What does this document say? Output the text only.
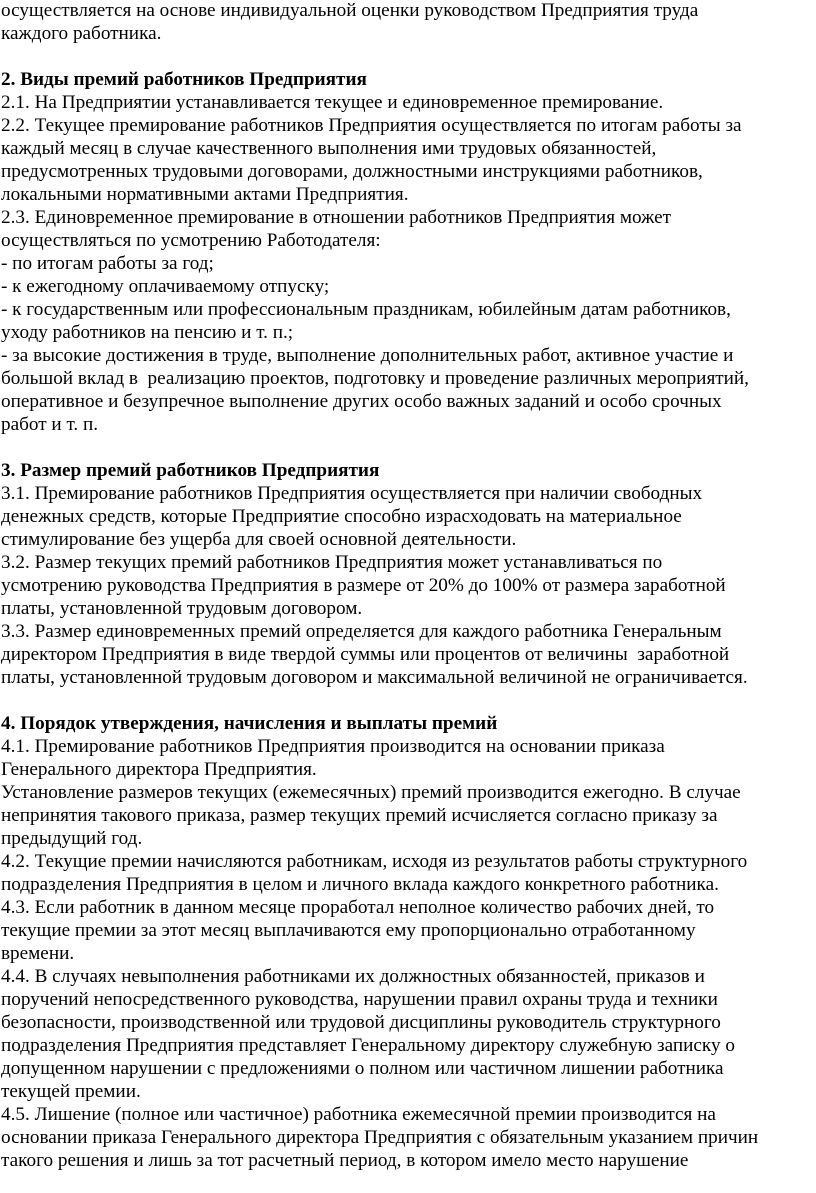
осуществляется на основе индивидуальной оценки руководством Предприятия труда
каждого работника.
2. Виды премий работников Предприятия
2.1. На Предприятии устанавливается текущее и единовременное премирование.
2.2. Текущее премирование работников Предприятия осуществляется по итогам работы за
каждый месяц в случае качественного выполнения ими трудовых обязанностей,
предусмотренных трудовыми договорами, должностными инструкциями работников,
локальными нормативными актами Предприятия.
2.3. Единовременное премирование в отношении работников Предприятия может
осуществляться по усмотрению Работодателя:
- по итогам работы за год;
- к ежегодному оплачиваемому отпуску;
- к государственным или профессиональным праздникам, юбилейным датам работников,
уходу работников на пенсию и т. п.;
- за высокие достижения в труде, выполнение дополнительных работ, активное участие и
большой вклад в  реализацию проектов, подготовку и проведение различных мероприятий,
оперативное и безупречное выполнение других особо важных заданий и особо срочных
работ и т. п.
3. Размер премий работников Предприятия
3.1. Премирование работников Предприятия осуществляется при наличии свободных
денежных средств, которые Предприятие способно израсходовать на материальное
стимулирование без ущерба для своей основной деятельности.
3.2. Размер текущих премий работников Предприятия может устанавливаться по
усмотрению руководства Предприятия в размере от 20% до 100% от размера заработной
платы, установленной трудовым договором.
3.3. Размер единовременных премий определяется для каждого работника Генеральным
директором Предприятия в виде твердой суммы или процентов от величины  заработной
платы, установленной трудовым договором и максимальной величиной не ограничивается.
4. Порядок утверждения, начисления и выплаты премий
4.1. Премирование работников Предприятия производится на основании приказа
Генерального директора Предприятия.
Установление размеров текущих (ежемесячных) премий производится ежегодно. В случае
непринятия такового приказа, размер текущих премий исчисляется согласно приказу за
предыдущий год.
4.2. Текущие премии начисляются работникам, исходя из результатов работы структурного
подразделения Предприятия в целом и личного вклада каждого конкретного работника.
4.3. Если работник в данном месяце проработал неполное количество рабочих дней, то
текущие премии за этот месяц выплачиваются ему пропорционально отработанному
времени.
4.4. В случаях невыполнения работниками их должностных обязанностей, приказов и
поручений непосредственного руководства, нарушении правил охраны труда и техники
безопасности, производственной или трудовой дисциплины руководитель структурного
подразделения Предприятия представляет Генеральному директору служебную записку о
допущенном нарушении с предложениями о полном или частичном лишении работника
текущей премии.
4.5. Лишение (полное или частичное) работника ежемесячной премии производится на
основании приказа Генерального директора Предприятия с обязательным указанием причин
такого решения и лишь за тот расчетный период, в котором имело место нарушение
